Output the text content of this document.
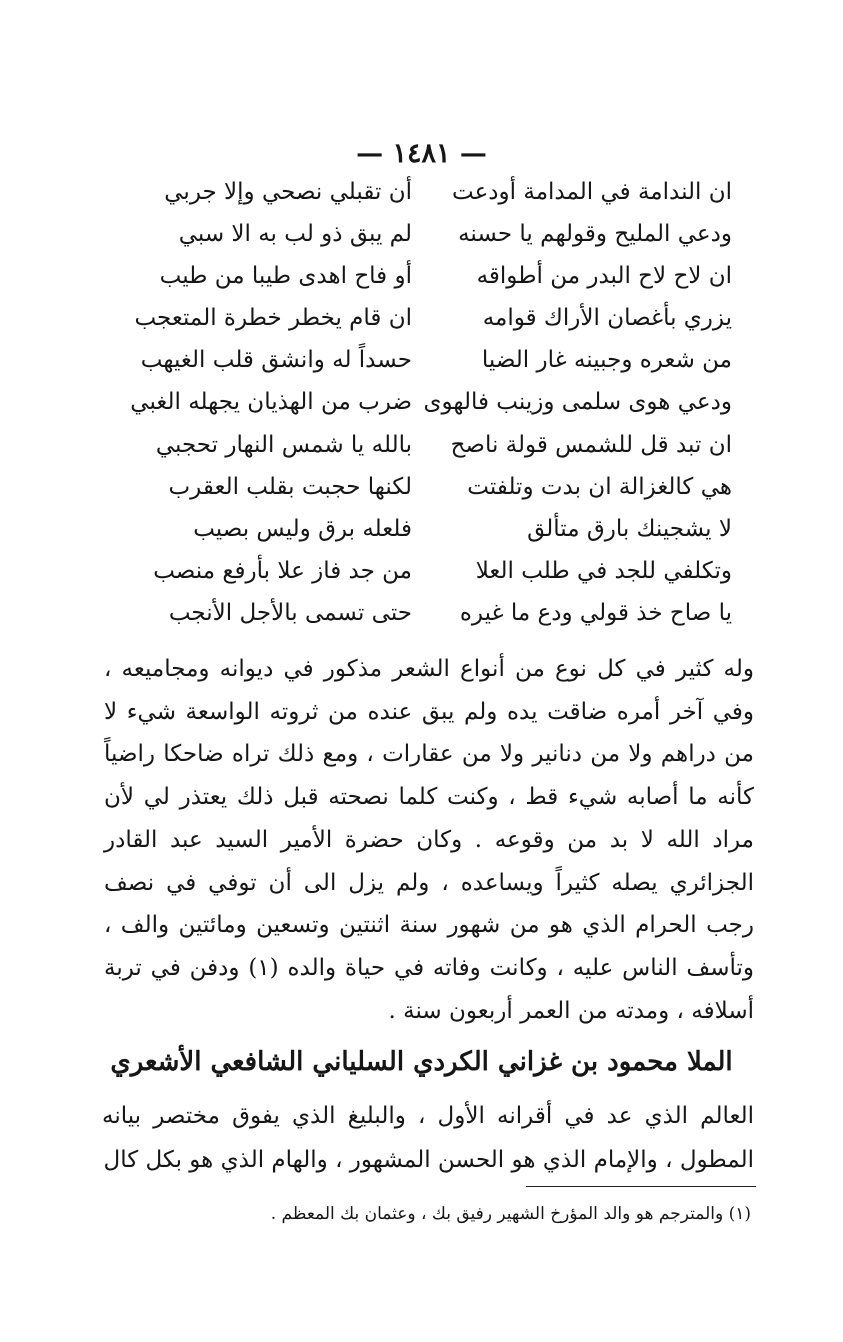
— ١٤٨١ —
ان الندامة في المدامة أودعت
أن تقبلي نصحي وإلا جربي
ودعي المليح وقولهم يا حسنه
لم يبق ذو لب به الا سبي
ان لاح لاح البدر من أطواقه
أو فاح اهدى طيبا من طيب
يزري بأغصان الأراك قوامه
ان قام يخطر خطرة المتعجب
من شعره وجبينه غار الضيا
حسداً له وانشق قلب الغيهب
ودعي هوى سلمى وزينب فالهوى
ضرب من الهذيان يجهله الغبي
ان تبد قل للشمس قولة ناصح
بالله يا شمس النهار تحجبي
هي كالغزالة ان بدت وتلفتت
لكنها حجبت بقلب العقرب
لا يشجينك بارق متألق
فلعله برق وليس بصيب
وتكلفي للجد في طلب العلا
من جد فاز علا بأرفع منصب
يا صاح خذ قولي ودع ما غيره
حتى تسمى بالأجل الأنجب

وله كثير في كل نوع من أنواع الشعر مذكور في ديوانه ومجاميعه ، وفي آخر أمره ضاقت يده ولم يبق عنده من ثروته الواسعة شيء لا من دراهم ولا من دنانير ولا من عقارات ، ومع ذلك تراه ضاحكا راضياً كأنه ما أصابه شيء قط ، وكنت كلما نصحته قبل ذلك يعتذر لي لأن مراد الله لا بد من وقوعه . وكان حضرة الأمير السيد عبد القادر الجزائري يصله كثيراً ويساعده ، ولم يزل الى أن توفي في نصف رجب الحرام الذي هو من شهور سنة اثنتين وتسعين ومائتين والف ، وتأسف الناس عليه ، وكانت وفاته في حياة والده (١) ودفن في تربة أسلافه ، ومدته من العمر أربعون سنة .

الملا محمود بن غزاني الكردي السلياني الشافعي الأشعري

العالم الذي عد في أقرانه الأول ، والبليغ الذي يفوق مختصر بيانه المطول ، والإمام الذي هو الحسن المشهور ، والهام الذي هو بكل كال

(١) والمترجم هو والد المؤرخ الشهير رفيق بك ، وعثمان بك المعظم .
